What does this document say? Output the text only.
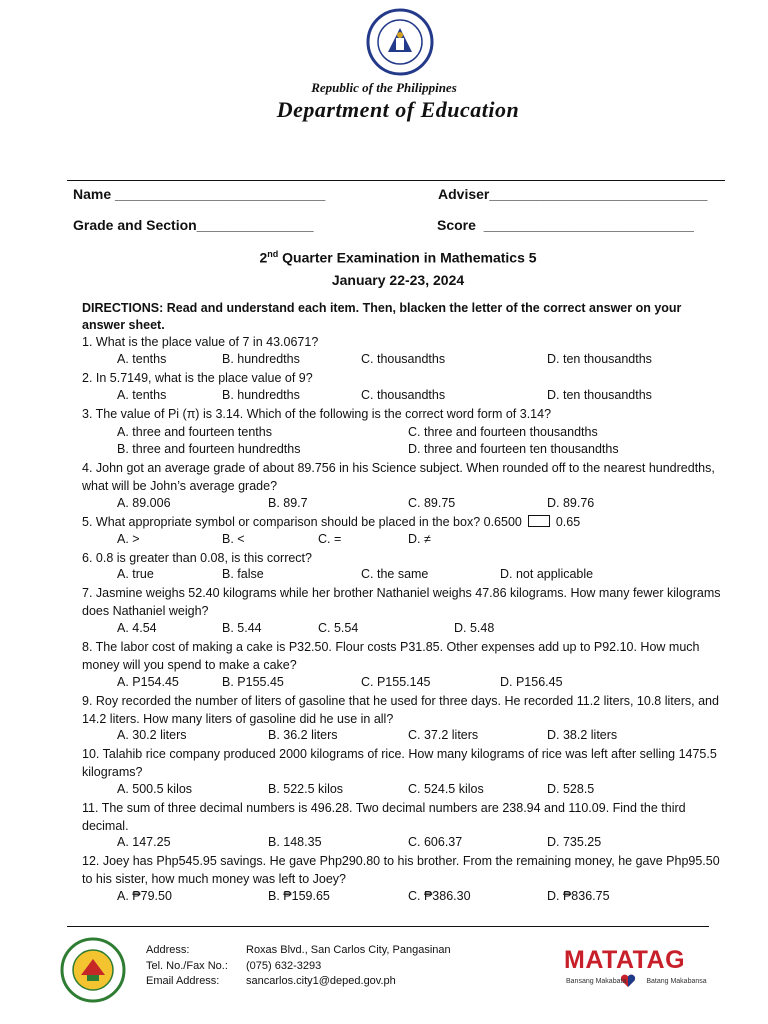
Republic of the Philippines
Department of Education
Name ___________________________	Adviser____________________________
Grade and Section_______________	Score  ___________________________
2nd Quarter Examination in Mathematics 5
January 22-23, 2024
DIRECTIONS: Read and understand each item. Then, blacken the letter of the correct answer on your answer sheet.
1. What is the place value of 7 in 43.0671?
A. tenths	B. hundredths	C. thousandths	D. ten thousandths
2. In 5.7149, what is the place value of 9?
A. tenths	B. hundredths	C. thousandths	D. ten thousandths
3. The value of Pi (π) is 3.14. Which of the following is the correct word form of 3.14?
A. three and fourteen tenths	C. three and fourteen thousandths
B. three and fourteen hundredths	D. three and fourteen ten thousandths
4. John got an average grade of about 89.756 in his Science subject. When rounded off to the nearest hundredths, what will be John’s average grade?
A. 89.006	B. 89.7	C. 89.75	D. 89.76
5. What appropriate symbol or comparison should be placed in the box? 0.6500	0.65
A. >	B. <	C. =	D. ≠
6. 0.8 is greater than 0.08, is this correct?
A. true	B. false	C. the same	D. not applicable
7. Jasmine weighs 52.40 kilograms while her brother Nathaniel weighs 47.86 kilograms. How many fewer kilograms does Nathaniel weigh?
A. 4.54	B. 5.44	C. 5.54	D. 5.48
8. The labor cost of making a cake is P32.50. Flour costs P31.85. Other expenses add up to P92.10. How much money will you spend to make a cake?
A. P154.45	B. P155.45	C. P155.145	D. P156.45
9. Roy recorded the number of liters of gasoline that he used for three days. He recorded 11.2 liters, 10.8 liters, and 14.2 liters. How many liters of gasoline did he use in all?
A. 30.2 liters	B. 36.2 liters	C. 37.2 liters	D. 38.2 liters
10. Talahib rice company produced 2000 kilograms of rice. How many kilograms of rice was left after selling 1475.5 kilograms?
A. 500.5 kilos	B. 522.5 kilos	C. 524.5 kilos	D. 528.5
11. The sum of three decimal numbers is 496.28. Two decimal numbers are 238.94 and 110.09. Find the third decimal.
A. 147.25	B. 148.35	C. 606.37	D. 735.25
12. Joey has Php545.95 savings. He gave Php290.80 to his brother. From the remaining money, he gave Php95.50 to his sister, how much money was left to Joey?
A. ₱79.50	B. ₱159.65	C. ₱386.30	D. ₱836.75
Address:	Roxas Blvd., San Carlos City, Pangasinan
Tel. No./Fax No.: (075) 632-3293
Email Address: sancarlos.city1@deped.gov.ph
MATATAG
Bansang Makabata	Batang Makabansa
